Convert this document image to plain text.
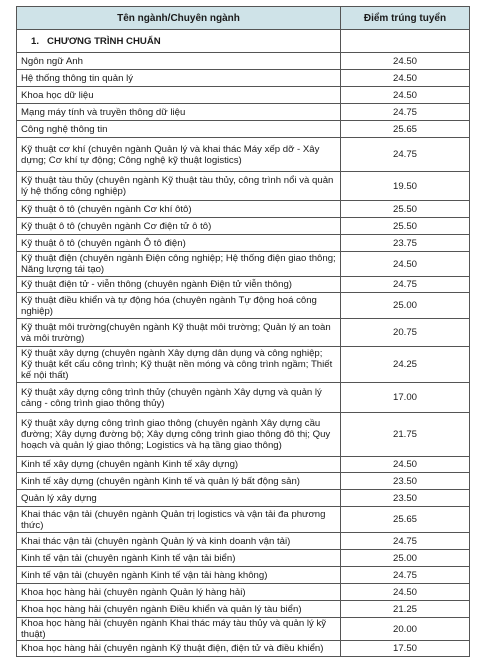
Tên ngành/Chuyên ngành	Điểm trúng tuyển
1. CHƯƠNG TRÌNH CHUẨN	
Ngôn ngữ Anh	24.50
Hệ thống thông tin quản lý	24.50
Khoa học dữ liệu	24.50
Mạng máy tính và truyền thông dữ liệu	24.75
Công nghệ thông tin	25.65
Kỹ thuật cơ khí (chuyên ngành Quản lý và khai thác Máy xếp dỡ - Xây dựng; Cơ khí tự động; Công nghệ kỹ thuật logistics)	24.75
Kỹ thuật tàu thủy (chuyên ngành Kỹ thuật tàu thủy, công trình nổi và quản lý hệ thống công nghiệp)	19.50
Kỹ thuật ô tô (chuyên ngành Cơ khí ôtô)	25.50
Kỹ thuật ô tô (chuyên ngành Cơ điện tử ô tô)	25.50
Kỹ thuật ô tô (chuyên ngành Ô tô điện)	23.75
Kỹ thuật điện (chuyên ngành Điện công nghiệp; Hệ thống điện giao thông; Năng lượng tái tạo)	24.50
Kỹ thuật điện tử - viễn thông (chuyên ngành Điện tử viễn thông)	24.75
Kỹ thuật điều khiển và tự động hóa (chuyên ngành Tự động hoá công nghiệp)	25.00
Kỹ thuật môi trường(chuyên ngành Kỹ thuật môi trường; Quản lý an toàn và môi trường)	20.75
Kỹ thuật xây dựng (chuyên ngành Xây dựng dân dụng và công nghiệp; Kỹ thuật kết cấu công trình; Kỹ thuật nền móng và công trình ngầm; Thiết kế nội thất)	24.25
Kỹ thuật xây dựng công trình thủy (chuyên ngành Xây dựng và quản lý cảng - công trình giao thông thủy)	17.00
Kỹ thuật xây dựng công trình giao thông (chuyên ngành Xây dựng cầu đường; Xây dựng đường bộ; Xây dựng công trình giao thông đô thị; Quy hoạch và quản lý giao thông; Logistics và hạ tầng giao thông)	21.75
Kinh tế xây dựng (chuyên ngành Kinh tế xây dựng)	24.50
Kinh tế xây dựng (chuyên ngành Kinh tế và quản lý bất động sản)	23.50
Quản lý xây dựng	23.50
Khai thác vận tải (chuyên ngành Quản trị logistics và vận tải đa phương thức)	25.65
Khai thác vận tải (chuyên ngành Quản lý và kinh doanh vận tải)	24.75
Kinh tế vận tải (chuyên ngành Kinh tế vận tải biển)	25.00
Kinh tế vận tải (chuyên ngành Kinh tế vận tải hàng không)	24.75
Khoa học hàng hải (chuyên ngành Quản lý hàng hải)	24.50
Khoa học hàng hải (chuyên ngành Điều khiển và quản lý tàu biển)	21.25
Khoa học hàng hải (chuyên ngành Khai thác máy tàu thủy và quản lý kỹ thuật)	20.00
Khoa học hàng hải (chuyên ngành Kỹ thuật điện, điện tử và điều khiển)	17.50
